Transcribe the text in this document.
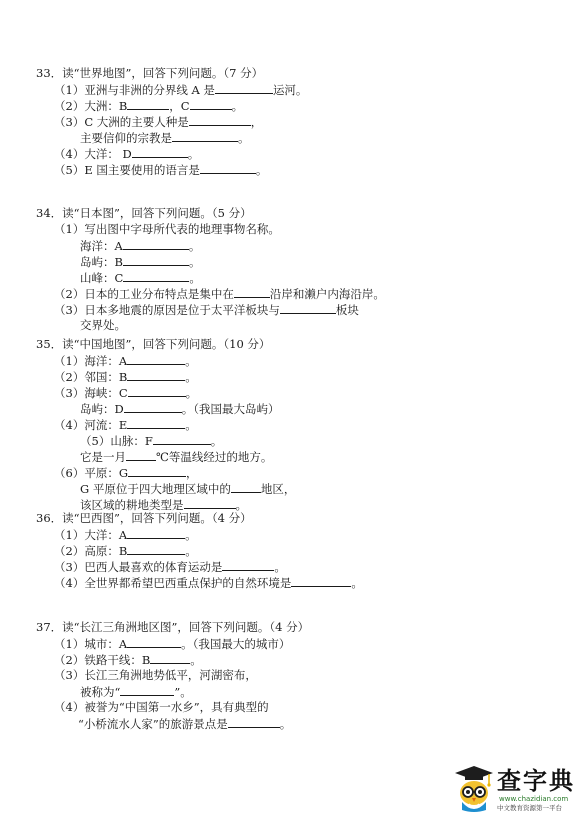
33．读“世界地图”，回答下列问题。（7 分）
（1）亚洲与非洲的分界线 A 是	运河。
（2）大洲：B	，C	。
（3）C 大洲的主要人种是	，
主要信仰的宗教是	。
（4）大洋： D	。
（5）E 国主要使用的语言是	。
34．读“日本图”，回答下列问题。（5 分）
（1）写出图中字母所代表的地理事物名称。
海洋：A	。
岛屿：B	。
山峰：C	。
（2）日本的工业分布特点是集中在	沿岸和濑户内海沿岸。
（3）日本多地震的原因是位于太平洋板块与	板块
交界处。
35．读“中国地图”，回答下列问题。（10 分）
（1）海洋：A	。
（2）邻国：B	。
（3）海峡：C	。
岛屿：D	。（我国最大岛屿）
（4）河流：E	。
（5）山脉：F	。
它是一月	℃等温线经过的地方。
（6）平原：G	，
G 平原位于四大地理区域中的	地区，
该区域的耕地类型是	。
36．读“巴西图”，回答下列问题。（4 分）
（1）大洋：A	。
（2）高原：B	。
（3）巴西人最喜欢的体育运动是	。
（4）全世界都希望巴西重点保护的自然环境是	。
37．读“长江三角洲地区图”，回答下列问题。（4 分）
（1）城市：A	。（我国最大的城市）
（2）铁路干线：B	。
（3）长江三角洲地势低平，河湖密布，
被称为“	”。
（4）被誉为“中国第一水乡”，具有典型的
“小桥流水人家”的旅游景点是	。
查字典
www.chazidian.com
中文教育资源第一平台
